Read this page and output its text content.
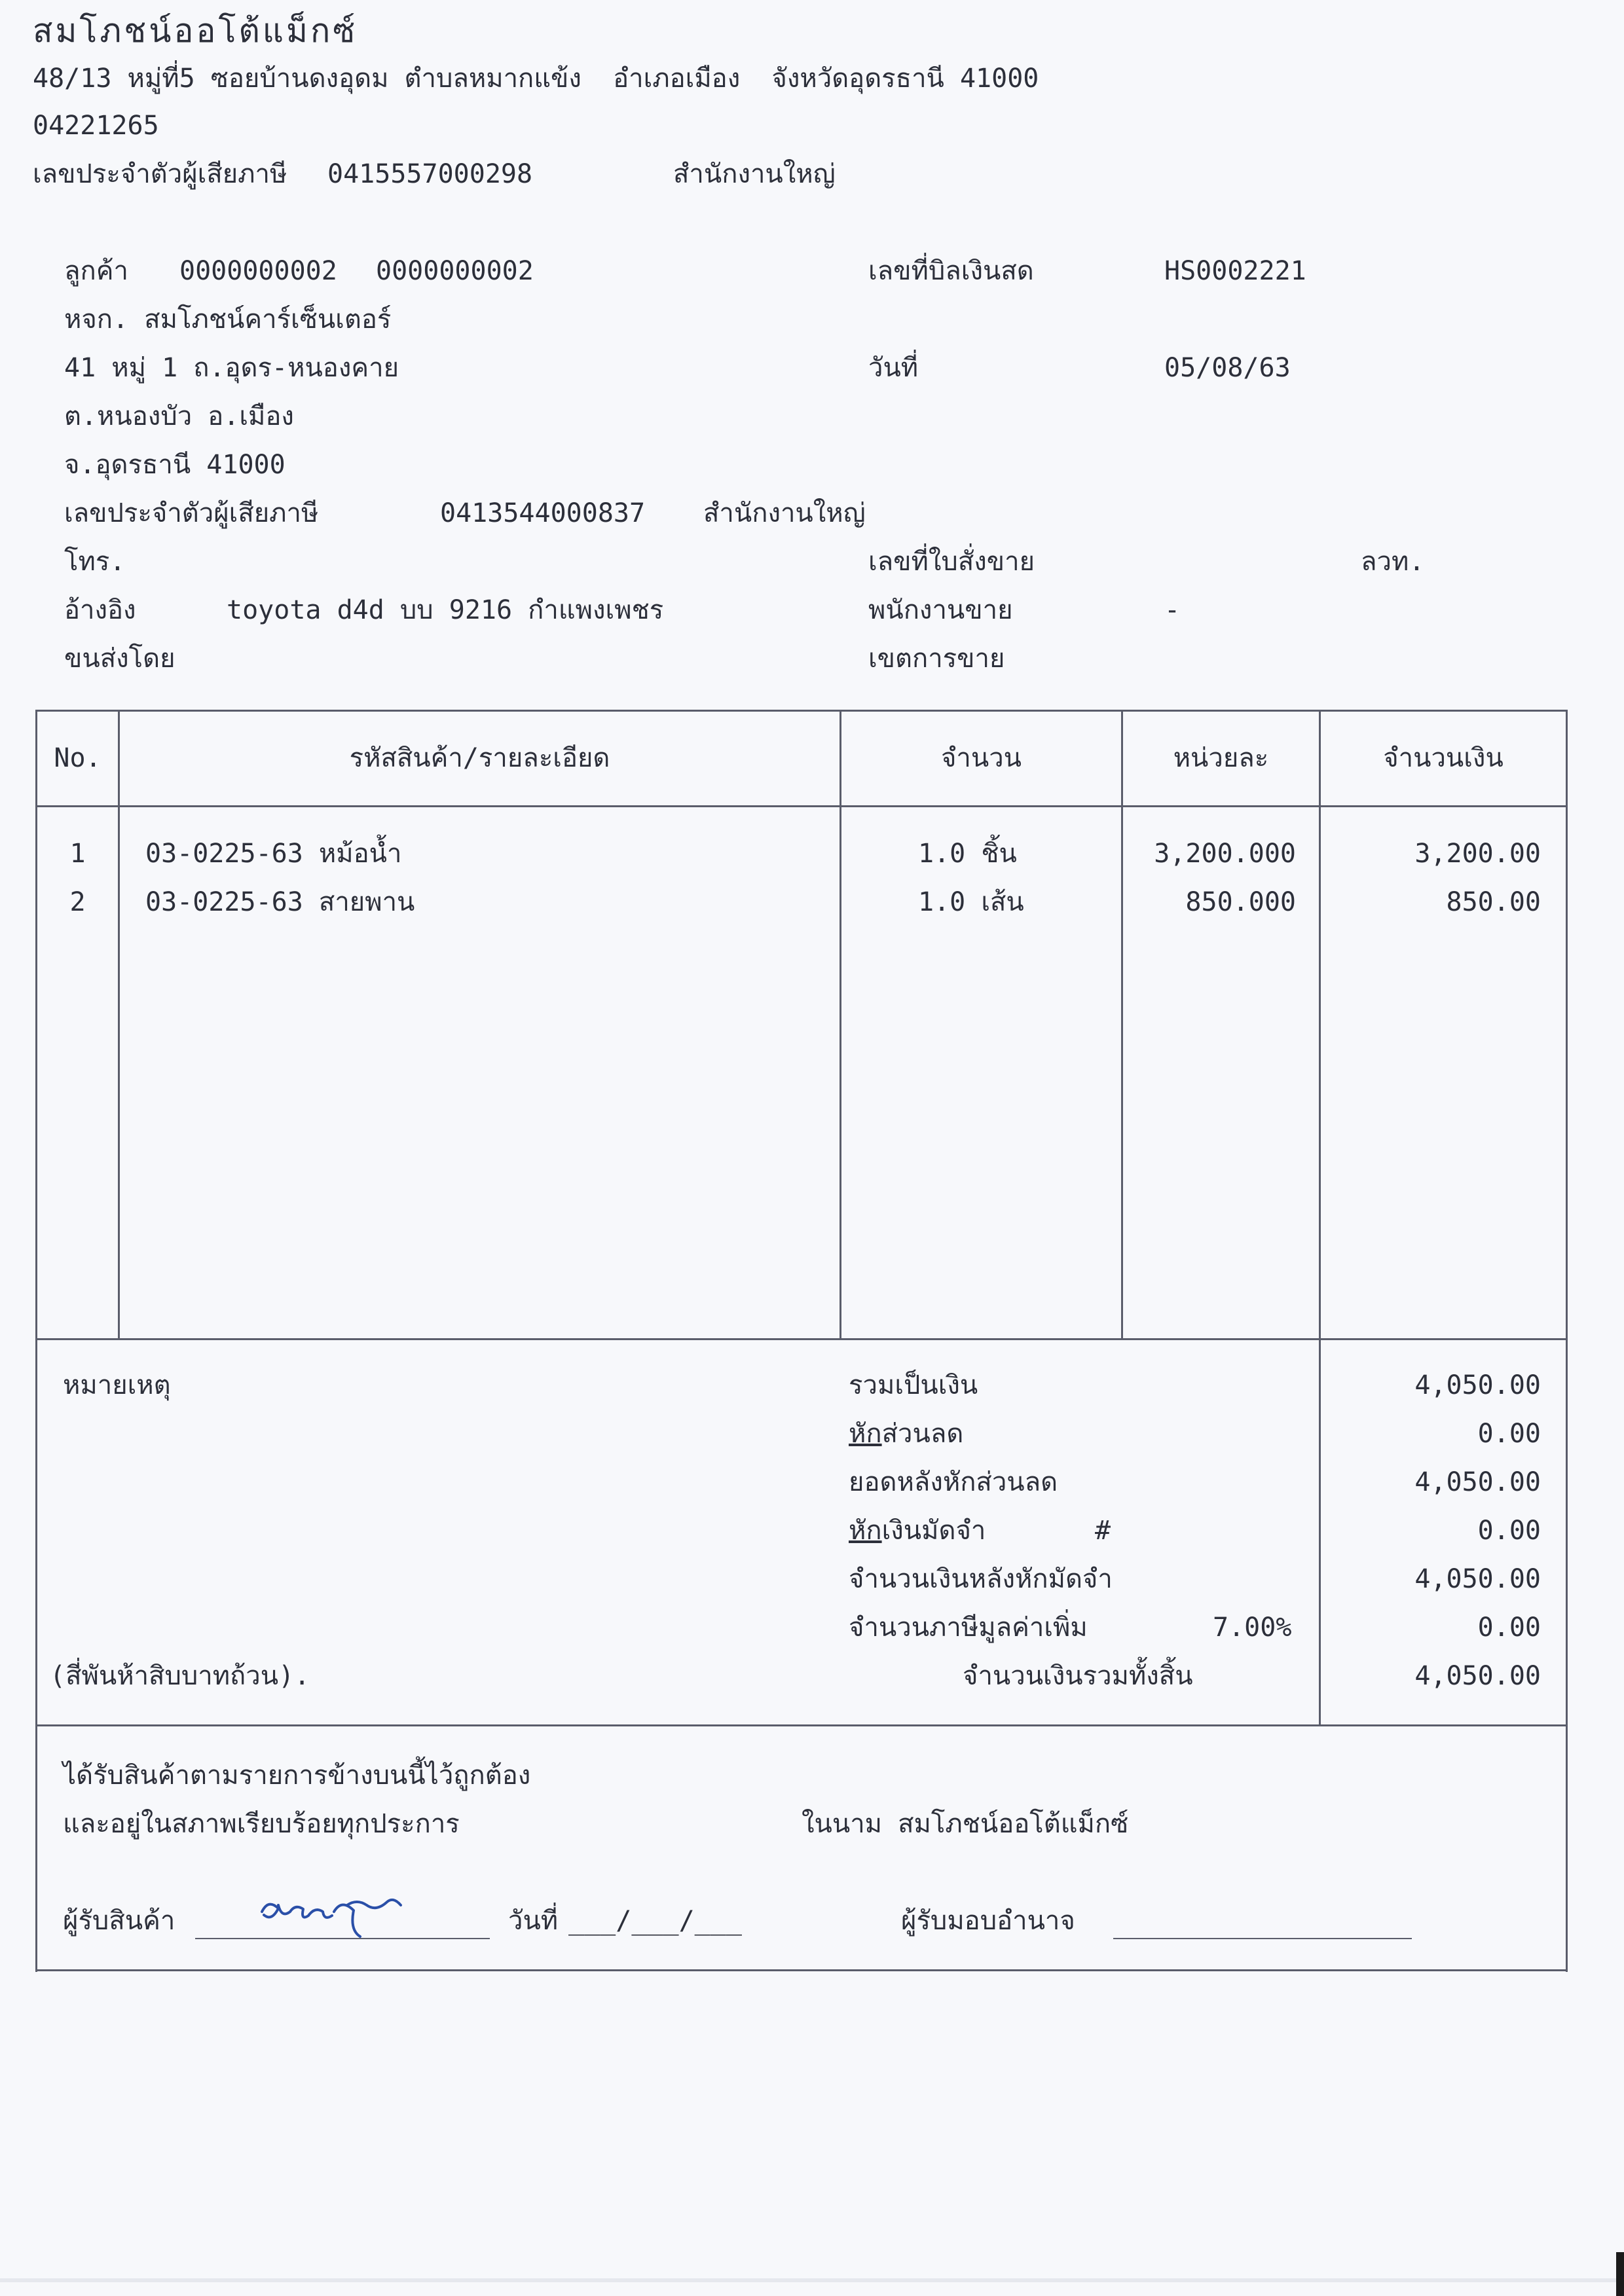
สมโภชน์ออโต้แม็กซ์
48/13 หมู่ที่5 ซอยบ้านดงอุดม ตำบลหมากแข้ง  อำเภอเมือง  จังหวัดอุดรธานี 41000
04221265
เลขประจำตัวผู้เสียภาษี 0415557000298	สำนักงานใหญ่
ลูกค้า 0000000002 0000000002
หจก. สมโภชน์คาร์เซ็นเตอร์
41 หมู่ 1 ถ.อุดร-หนองคาย
ต.หนองบัว อ.เมือง
จ.อุดรธานี 41000
เลขประจำตัวผู้เสียภาษี	0413544000837 สำนักงานใหญ่
โทร.
อ้างอิง	toyota d4d บบ 9216 กำแพงเพชร
ขนส่งโดย
เลขที่บิลเงินสด	HS0002221
วันที่	05/08/63
เลขที่ใบสั่งขาย	ลวท.
พนักงานขาย	-
เขตการขาย
No.	รหัสสินค้า/รายละเอียด	จำนวน	หน่วยละ	จำนวนเงิน
1	03-0225-63 หม้อน้ำ	1.0 ชิ้น	3,200.000	3,200.00
2	03-0225-63 สายพาน	1.0 เส้น	850.000	850.00
หมายเหตุ	รวมเป็นเงิน	4,050.00
หักส่วนลด	0.00
ยอดหลังหักส่วนลด	4,050.00
หักเงินมัดจำ	#	0.00
จำนวนเงินหลังหักมัดจำ	4,050.00
จำนวนภาษีมูลค่าเพิ่ม	7.00%	0.00
(สี่พันห้าสิบบาทถ้วน).	จำนวนเงินรวมทั้งสิ้น	4,050.00
ได้รับสินค้าตามรายการข้างบนนี้ไว้ถูกต้อง
และอยู่ในสภาพเรียบร้อยทุกประการ	ในนาม สมโภชน์ออโต้แม็กซ์
ผู้รับสินค้า	วันที่ ___/___/___	ผู้รับมอบอำนาจ
